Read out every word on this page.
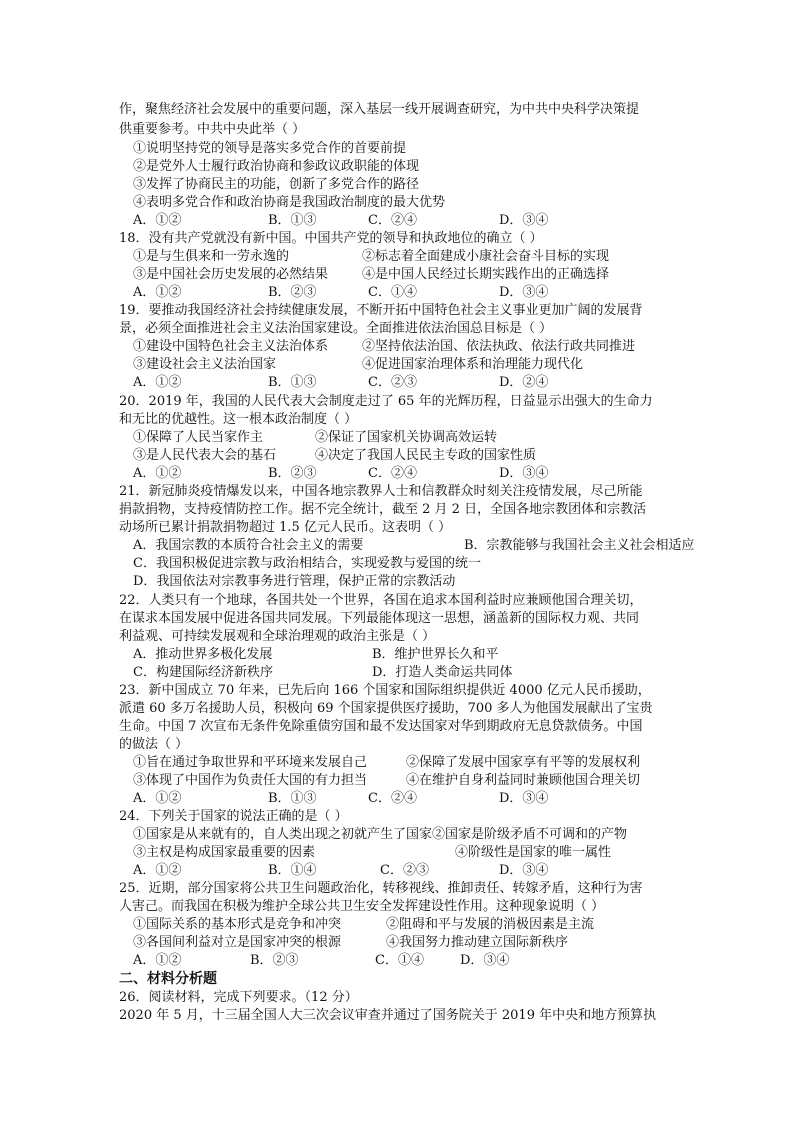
作，聚焦经济社会发展中的重要问题，深入基层一线开展调查研究，为中共中央科学决策提
供重要参考。中共中央此举（ ）
①说明坚持党的领导是落实多党合作的首要前提
②是党外人士履行政治协商和参政议政职能的体现
③发挥了协商民主的功能，创新了多党合作的路径
④表明多党合作和政治协商是我国政治制度的最大优势
A．①②	B．①③	C．②④	D．③④
18．没有共产党就没有新中国。中国共产党的领导和执政地位的确立（ ）
①是与生俱来和一劳永逸的	②标志着全面建成小康社会奋斗目标的实现
③是中国社会历史发展的必然结果	④是中国人民经过长期实践作出的正确选择
A．①②	B．②③	C．①④	D．③④
19．要推动我国经济社会持续健康发展，不断开拓中国特色社会主义事业更加广阔的发展背
景，必须全面推进社会主义法治国家建设。全面推进依法治国总目标是（ ）
①建设中国特色社会主义法治体系	②坚持依法治国、依法执政、依法行政共同推进
③建设社会主义法治国家	④促进国家治理体系和治理能力现代化
A．①②	B．①③	C．②③	D．②④
20．2019 年，我国的人民代表大会制度走过了 65 年的光辉历程，日益显示出强大的生命力
和无比的优越性。这一根本政治制度（ ）
①保障了人民当家作主	②保证了国家机关协调高效运转
③是人民代表大会的基石	④决定了我国人民民主专政的国家性质
A．①②	B．②③	C．②④	D．③④
21．新冠肺炎疫情爆发以来，中国各地宗教界人士和信教群众时刻关注疫情发展，尽己所能
捐款捐物，支持疫情防控工作。据不完全统计，截至 2 月 2 日，全国各地宗教团体和宗教活
动场所已累计捐款捐物超过 1.5 亿元人民币。这表明（ ）
A．我国宗教的本质符合社会主义的需要	B．宗教能够与我国社会主义社会相适应
C．我国积极促进宗教与政治相结合，实现爱教与爱国的统一
D．我国依法对宗教事务进行管理，保护正常的宗教活动
22．人类只有一个地球，各国共处一个世界，各国在追求本国利益时应兼顾他国合理关切，
在谋求本国发展中促进各国共同发展。下列最能体现这一思想，涵盖新的国际权力观、共同
利益观、可持续发展观和全球治理观的政治主张是（ ）
A．推动世界多极化发展	B．维护世界长久和平
C．构建国际经济新秩序	D．打造人类命运共同体
23．新中国成立 70 年来，已先后向 166 个国家和国际组织提供近 4000 亿元人民币援助，
派遣 60 多万名援助人员，积极向 69 个国家提供医疗援助，700 多人为他国发展献出了宝贵
生命。中国 7 次宣布无条件免除重债穷国和最不发达国家对华到期政府无息贷款债务。中国
的做法（ ）
①旨在通过争取世界和平环境来发展自己	②保障了发展中国家享有平等的发展权利
③体现了中国作为负责任大国的有力担当	④在维护自身利益同时兼顾他国合理关切
A．①②	B．①③	C．②④	D．③④
24．下列关于国家的说法正确的是（ ）
①国家是从来就有的，自人类出现之初就产生了国家②国家是阶级矛盾不可调和的产物
③主权是构成国家最重要的因素	④阶级性是国家的唯一属性
A．①②	B．①④	C．②③	D．③④
25．近期，部分国家将公共卫生问题政治化，转移视线、推卸责任、转嫁矛盾，这种行为害
人害己。而我国在积极为维护全球公共卫生安全发挥建设性作用。这种现象说明（ ）
①国际关系的基本形式是竞争和冲突	②阻碍和平与发展的消极因素是主流
③各国间利益对立是国家冲突的根源	④我国努力推动建立国际新秩序
A．①②	B．②③	C．①④	D．③④
二、材料分析题
26．阅读材料，完成下列要求。（12 分）
2020 年 5 月，十三届全国人大三次会议审查并通过了国务院关于 2019 年中央和地方预算执
